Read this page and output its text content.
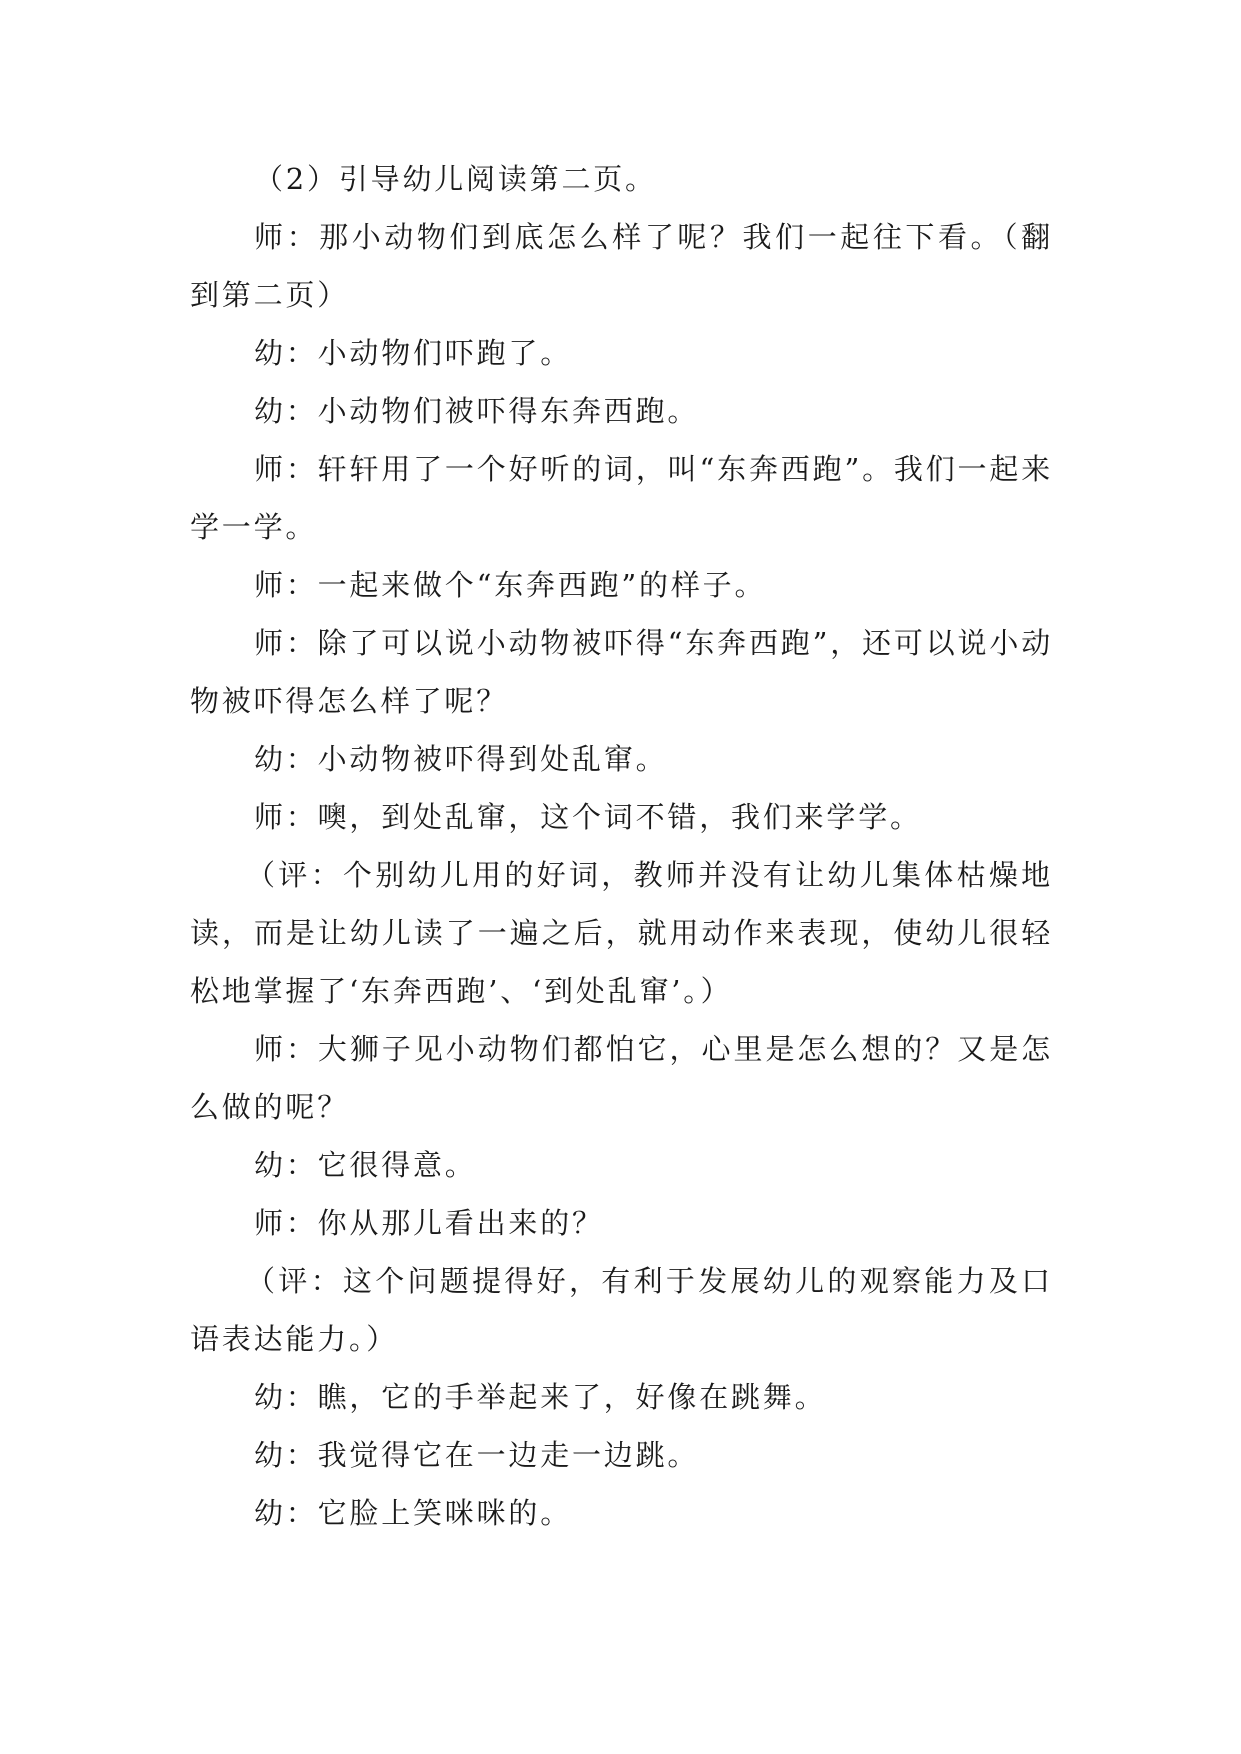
（2）引导幼儿阅读第二页。

师：那小动物们到底怎么样了呢？我们一起往下看。（翻到第二页）

幼：小动物们吓跑了。

幼：小动物们被吓得东奔西跑。

师：轩轩用了一个好听的词，叫“东奔西跑”。我们一起来学一学。

师：一起来做个“东奔西跑”的样子。

师：除了可以说小动物被吓得“东奔西跑”，还可以说小动物被吓得怎么样了呢？

幼：小动物被吓得到处乱窜。

师：噢，到处乱窜，这个词不错，我们来学学。

（评：个别幼儿用的好词，教师并没有让幼儿集体枯燥地读，而是让幼儿读了一遍之后，就用动作来表现，使幼儿很轻松地掌握了‘东奔西跑’、‘到处乱窜’。）

师：大狮子见小动物们都怕它，心里是怎么想的？又是怎么做的呢？

幼：它很得意。

师：你从那儿看出来的？

（评：这个问题提得好，有利于发展幼儿的观察能力及口语表达能力。）

幼：瞧，它的手举起来了，好像在跳舞。

幼：我觉得它在一边走一边跳。

幼：它脸上笑咪咪的。
